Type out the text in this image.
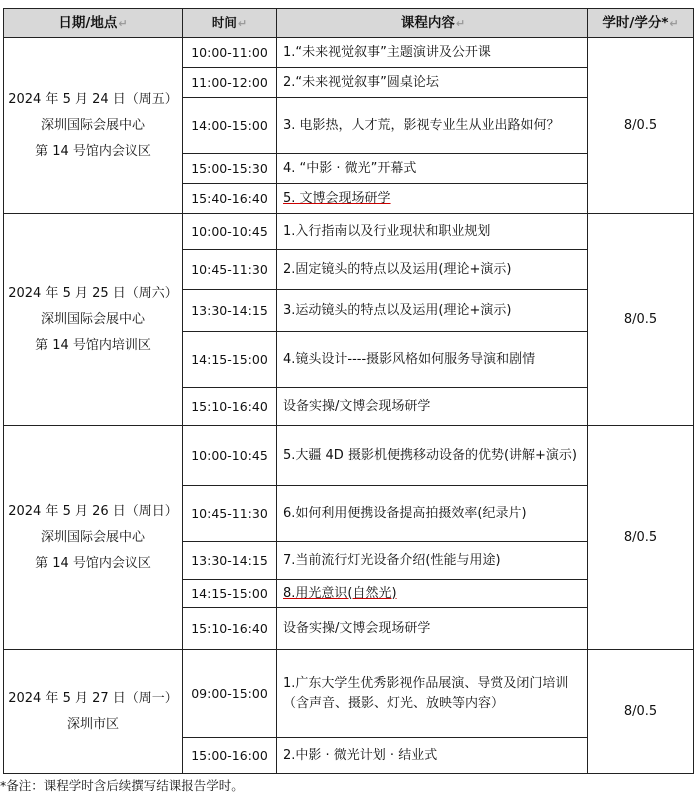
日期/地点↵	时间↵	课程内容↵	学时/学分*↵

2024 年 5 月 24 日（周五）
深圳国际会展中心
第 14 号馆内会议区	10:00-11:00	1.“未来视觉叙事”主题演讲及公开课	8/0.5
	11:00-12:00	2.“未来视觉叙事”圆桌论坛	
	14:00-15:00	3. 电影热，人才荒，影视专业生从业出路如何？	
	15:00-15:30	4. “中影 · 微光”开幕式	
	15:40-16:40	5. 文博会现场研学	

2024 年 5 月 25 日（周六）
深圳国际会展中心
第 14 号馆内培训区	10:00-10:45	1.入行指南以及行业现状和职业规划	8/0.5
	10:45-11:30	2.固定镜头的特点以及运用(理论+演示)	
	13:30-14:15	3.运动镜头的特点以及运用(理论+演示)	
	14:15-15:00	4.镜头设计----摄影风格如何服务导演和剧情	
	15:10-16:40	设备实操/文博会现场研学	

2024 年 5 月 26 日（周日）
深圳国际会展中心
第 14 号馆内会议区	10:00-10:45	5.大疆 4D 摄影机便携移动设备的优势(讲解+演示)	8/0.5
	10:45-11:30	6.如何利用便携设备提高拍摄效率(纪录片)	
	13:30-14:15	7.当前流行灯光设备介绍(性能与用途)	
	14:15-15:00	8.用光意识(自然光)	
	15:10-16:40	设备实操/文博会现场研学	

2024 年 5 月 27 日（周一）
深圳市区	09:00-15:00	1.广东大学生优秀影视作品展演、导赏及闭门培训（含声音、摄影、灯光、放映等内容）	8/0.5
	15:00-16:00	2.中影 · 微光计划 · 结业式	
*备注：课程学时含后续撰写结课报告学时。
